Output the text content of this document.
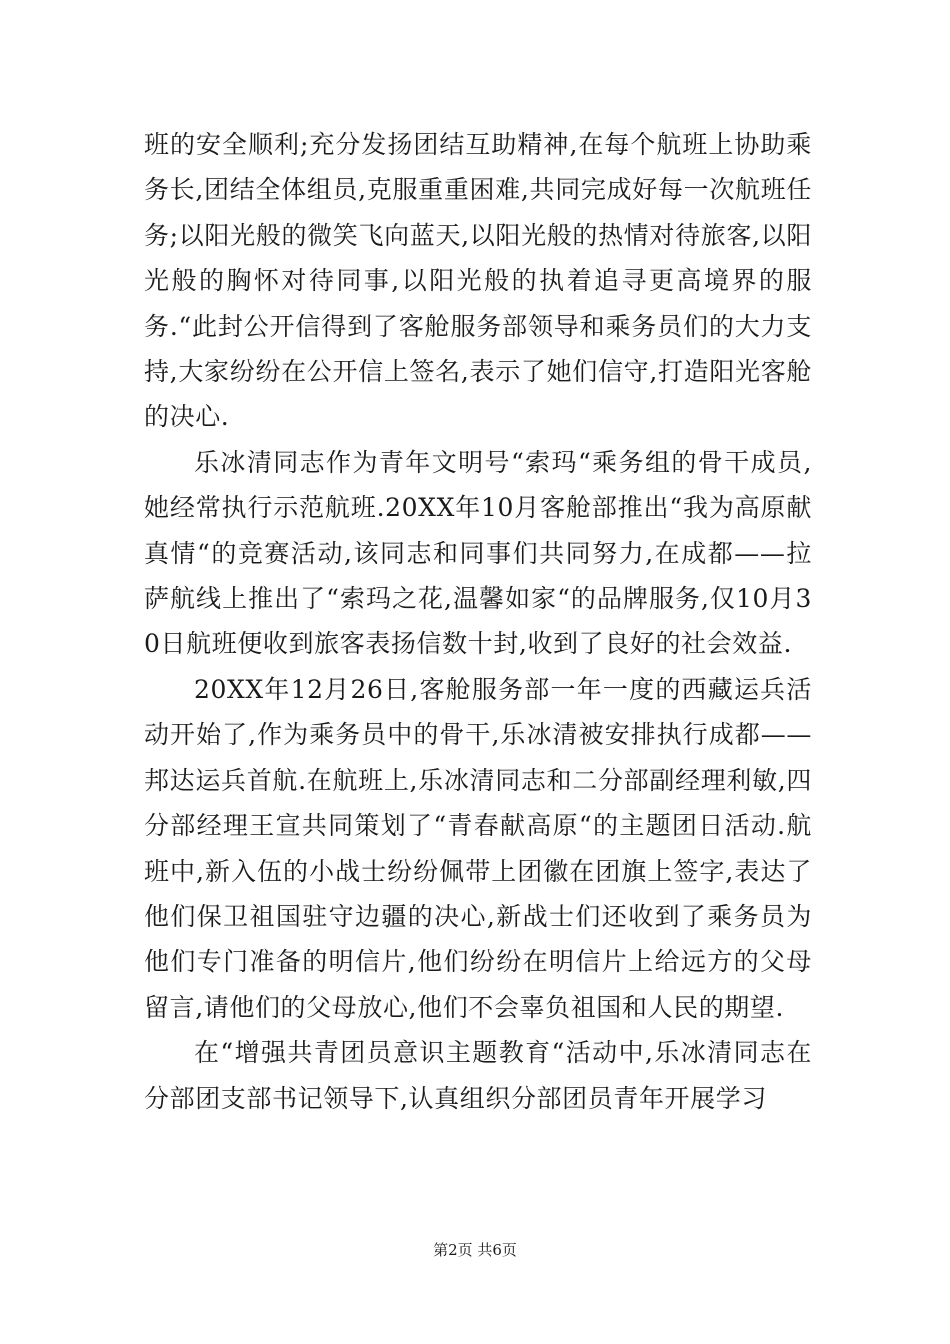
班的安全顺利;充分发扬团结互助精神,在每个航班上协助乘务长,团结全体组员,克服重重困难,共同完成好每一次航班任务;以阳光般的微笑飞向蓝天,以阳光般的热情对待旅客,以阳光般的胸怀对待同事,以阳光般的执着追寻更高境界的服务.“此封公开信得到了客舱服务部领导和乘务员们的大力支持,大家纷纷在公开信上签名,表示了她们信守,打造阳光客舱的决心.

乐冰清同志作为青年文明号“索玛“乘务组的骨干成员,她经常执行示范航班.20XX年10月客舱部推出“我为高原献真情“的竞赛活动,该同志和同事们共同努力,在成都——拉萨航线上推出了“索玛之花,温馨如家“的品牌服务,仅10月30日航班便收到旅客表扬信数十封,收到了良好的社会效益.

20XX年12月26日,客舱服务部一年一度的西藏运兵活动开始了,作为乘务员中的骨干,乐冰清被安排执行成都——邦达运兵首航.在航班上,乐冰清同志和二分部副经理利敏,四分部经理王宣共同策划了“青春献高原“的主题团日活动.航班中,新入伍的小战士纷纷佩带上团徽在团旗上签字,表达了他们保卫祖国驻守边疆的决心,新战士们还收到了乘务员为他们专门准备的明信片,他们纷纷在明信片上给远方的父母留言,请他们的父母放心,他们不会辜负祖国和人民的期望.

在“增强共青团员意识主题教育“活动中,乐冰清同志在分部团支部书记领导下,认真组织分部团员青年开展学习

第2页 共6页
